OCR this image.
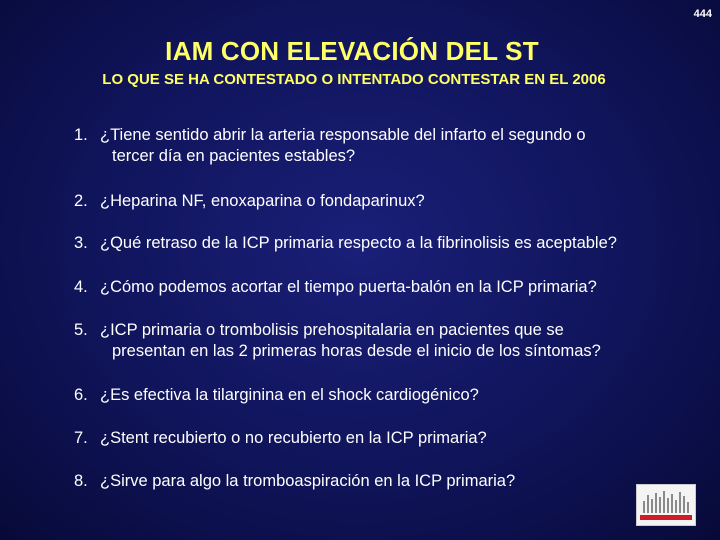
444
IAM CON ELEVACIÓN DEL ST
LO QUE SE HA CONTESTADO O INTENTADO CONTESTAR EN EL 2006
1. ¿Tiene sentido abrir la arteria responsable del infarto el segundo o
tercer día en pacientes estables?
2. ¿Heparina NF, enoxaparina o fondaparinux?
3. ¿Qué retraso de la ICP primaria respecto a la fibrinolisis es aceptable?
4. ¿Cómo podemos acortar el tiempo puerta-balón en la ICP primaria?
5. ¿ICP primaria o trombolisis prehospitalaria en pacientes que se
presentan en las 2 primeras horas desde el inicio de los síntomas?
6. ¿Es efectiva la tilarginina en el shock cardiogénico?
7. ¿Stent recubierto o no recubierto en la ICP primaria?
8. ¿Sirve para algo la tromboaspiración en la ICP primaria?
